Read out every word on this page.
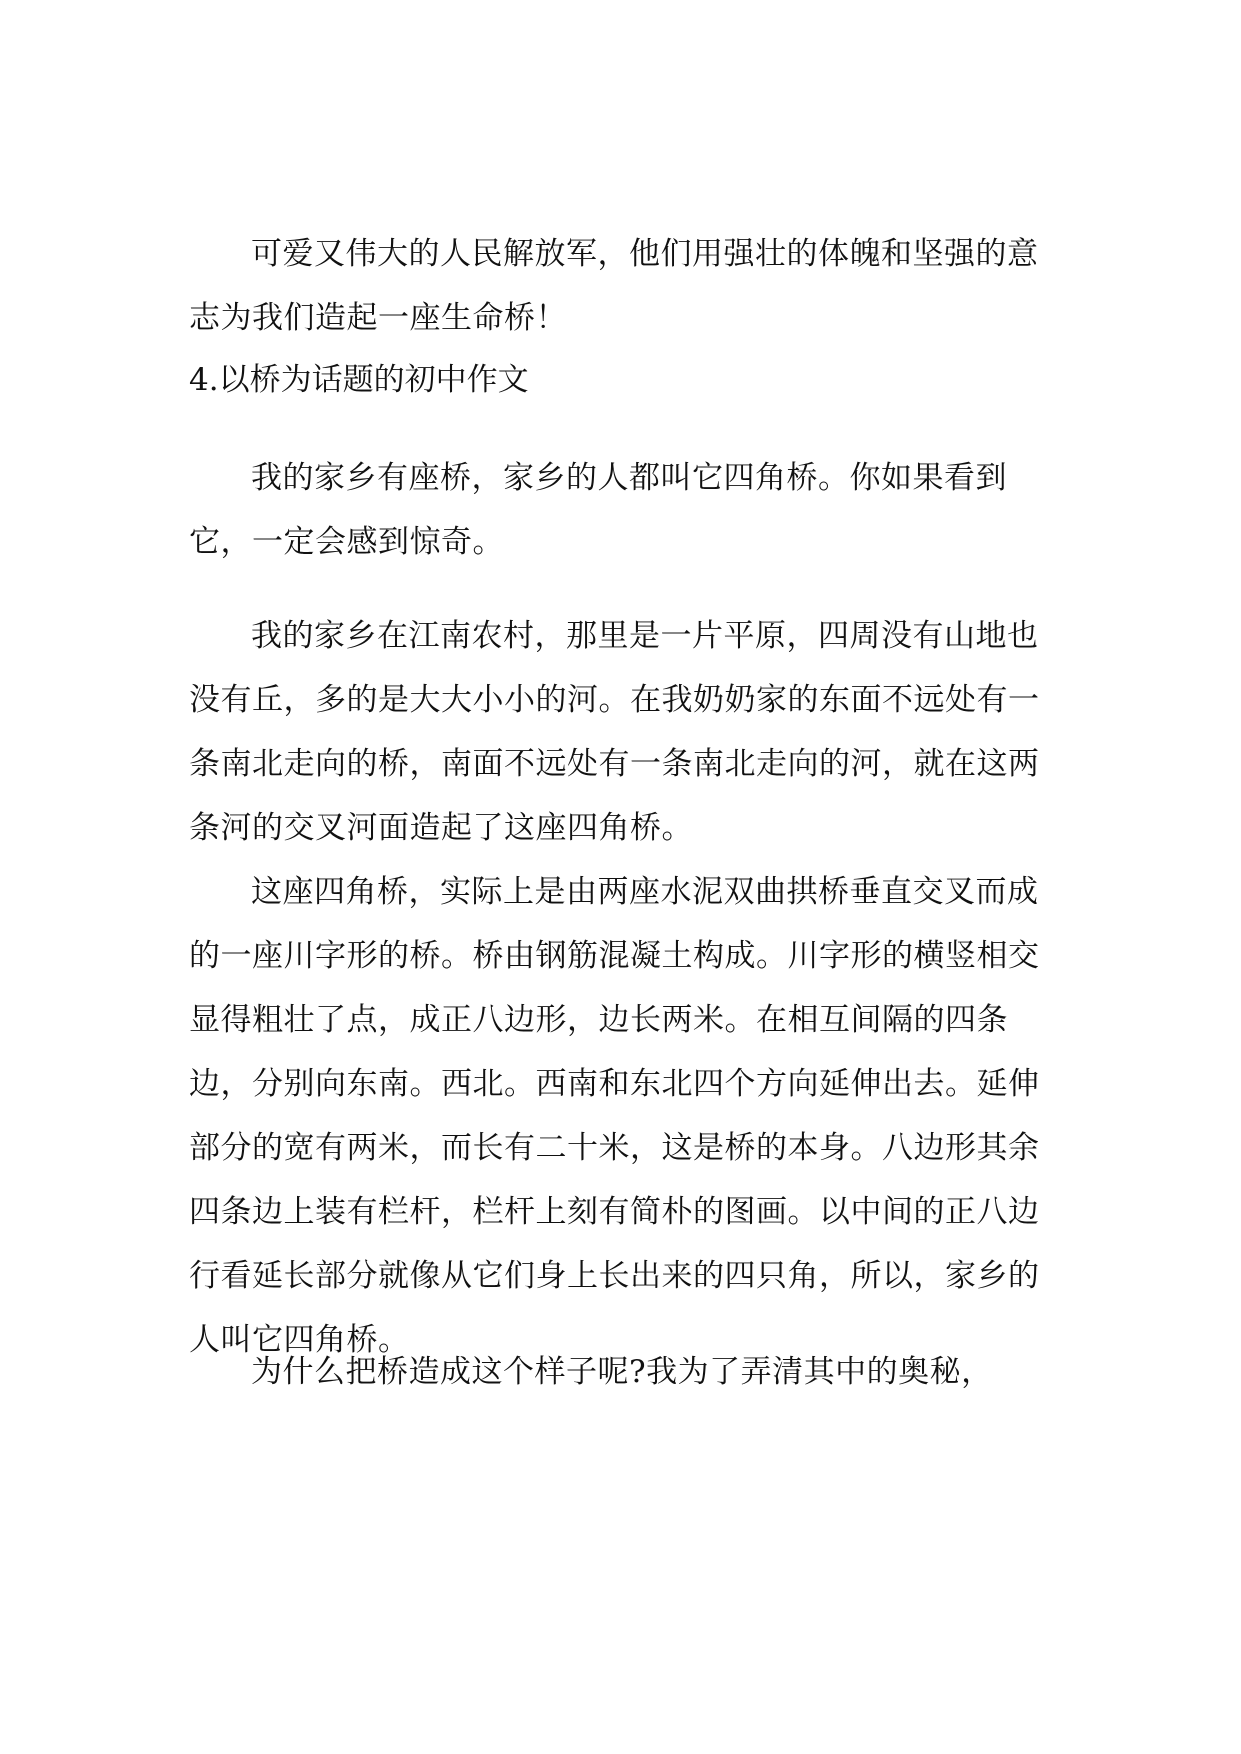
可爱又伟大的人民解放军，他们用强壮的体魄和坚强的意志为我们造起一座生命桥！

4.以桥为话题的初中作文

我的家乡有座桥，家乡的人都叫它四角桥。你如果看到它，一定会感到惊奇。

我的家乡在江南农村，那里是一片平原，四周没有山地也没有丘，多的是大大小小的河。在我奶奶家的东面不远处有一条南北走向的桥，南面不远处有一条南北走向的河，就在这两条河的交叉河面造起了这座四角桥。

这座四角桥，实际上是由两座水泥双曲拱桥垂直交叉而成的一座川字形的桥。桥由钢筋混凝土构成。川字形的横竖相交显得粗壮了点，成正八边形，边长两米。在相互间隔的四条边，分别向东南。西北。西南和东北四个方向延伸出去。延伸部分的宽有两米，而长有二十米，这是桥的本身。八边形其余四条边上装有栏杆，栏杆上刻有简朴的图画。以中间的正八边行看延长部分就像从它们身上长出来的四只角，所以，家乡的人叫它四角桥。

为什么把桥造成这个样子呢?我为了弄清其中的奥秘，
